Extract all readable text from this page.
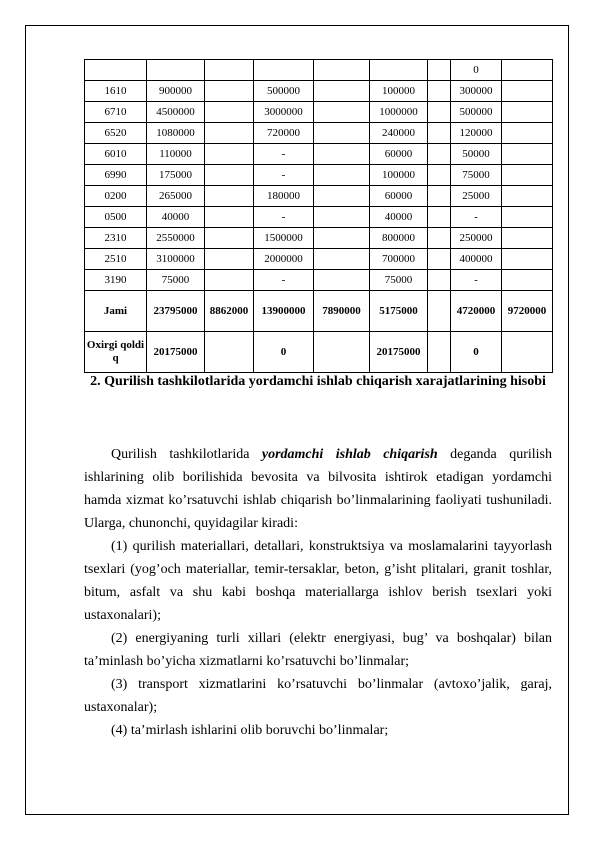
							0	
1610	900000		500000		100000		300000	
6710	4500000		3000000		1000000		500000	
6520	1080000		720000		240000		120000	
6010	110000		-		60000		50000	
6990	175000		-		100000		75000	
0200	265000		180000		60000		25000	
0500	40000		-		40000		-	
2310	2550000		1500000		800000		250000	
2510	3100000		2000000		700000		400000	
3190	75000		-		75000		-	

Jami	23795000	8862000	13900000	7890000	5175000		4720000	9720000

Oxirgi qoldiq	20175000		0		20175000		0	

2. Qurilish tashkilotlarida yordamchi ishlab chiqarish xarajatlarining hisobi

Qurilish tashkilotlarida yordamchi ishlab chiqarish deganda qurilish ishlarining olib borilishida bevosita va bilvosita ishtirok etadigan yordamchi hamda xizmat ko’rsatuvchi ishlab chiqarish bo’linmalarining faoliyati tushuniladi. Ularga, chunonchi, quyidagilar kiradi:

(1) qurilish materiallari, detallari, konstruktsiya va moslamalarini tayyorlash tsexlari (yog’och materiallar, temir-tersaklar, beton, g’isht plitalari, granit toshlar, bitum, asfalt va shu kabi boshqa materiallarga ishlov berish tsexlari yoki ustaxonalari);

(2) energiyaning turli xillari (elektr energiyasi, bug’ va boshqalar) bilan ta’minlash bo’yicha xizmatlarni ko’rsatuvchi bo’linmalar;

(3) transport xizmatlarini ko’rsatuvchi bo’linmalar (avtoxo’jalik, garaj, ustaxonalar);

(4) ta’mirlash ishlarini olib boruvchi bo’linmalar;
